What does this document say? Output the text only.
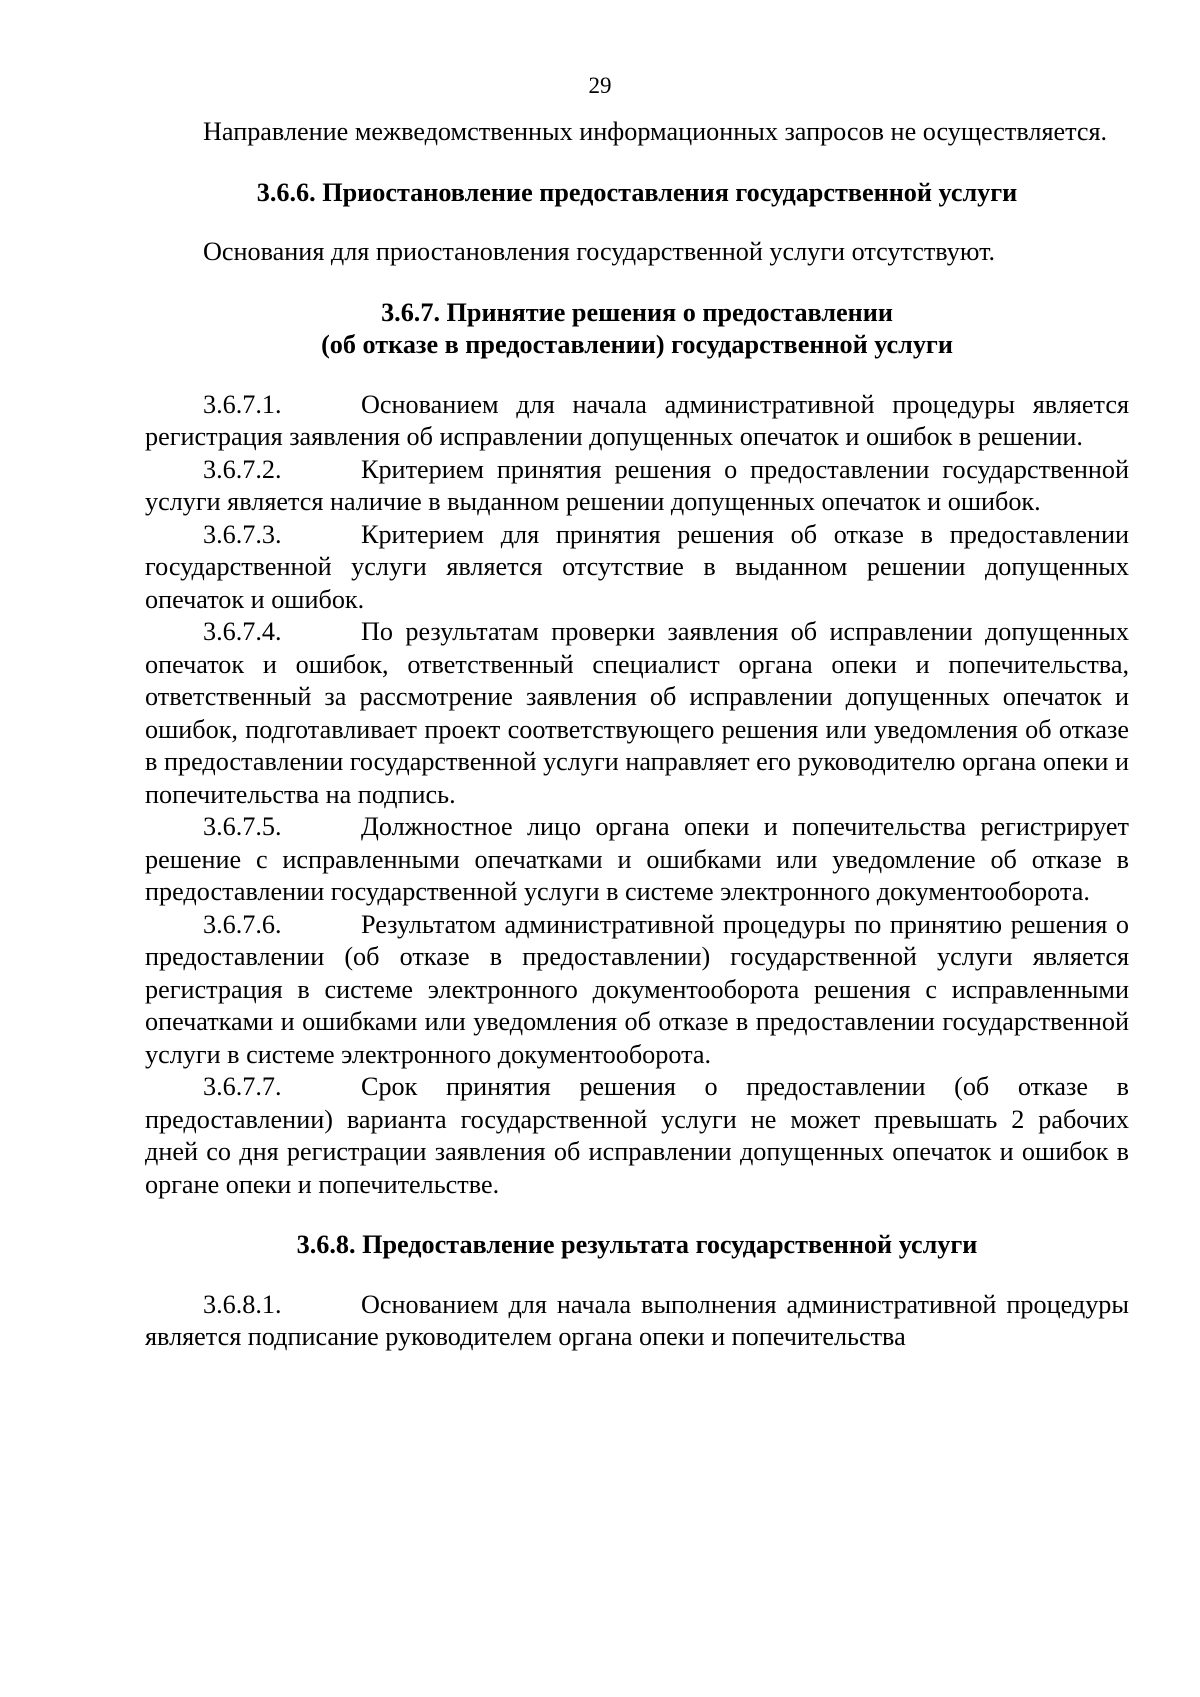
29

Направление межведомственных информационных запросов не осуществляется.

3.6.6. Приостановление предоставления государственной услуги

Основания для приостановления государственной услуги отсутствуют.

3.6.7. Принятие решения о предоставлении
(об отказе в предоставлении) государственной услуги

3.6.7.1.	Основанием для начала административной процедуры является регистрация заявления об исправлении допущенных опечаток и ошибок в решении.

3.6.7.2.	Критерием принятия решения о предоставлении государственной услуги является наличие в выданном решении допущенных опечаток и ошибок.

3.6.7.3.	Критерием для принятия решения об отказе в предоставлении государственной услуги является отсутствие в выданном решении допущенных опечаток и ошибок.

3.6.7.4.	По результатам проверки заявления об исправлении допущенных опечаток и ошибок, ответственный специалист органа опеки и попечительства, ответственный за рассмотрение заявления об исправлении допущенных опечаток и ошибок, подготавливает проект соответствующего решения или уведомления об отказе в предоставлении государственной услуги направляет его руководителю органа опеки и попечительства на подпись.

3.6.7.5.	Должностное лицо органа опеки и попечительства регистрирует решение с исправленными опечатками и ошибками или уведомление об отказе в предоставлении государственной услуги в системе электронного документооборота.

3.6.7.6.	Результатом административной процедуры по принятию решения о предоставлении (об отказе в предоставлении) государственной услуги является регистрация в системе электронного документооборота решения с исправленными опечатками и ошибками или уведомления об отказе в предоставлении государственной услуги в системе электронного документооборота.

3.6.7.7.	Срок принятия решения о предоставлении (об отказе в предоставлении) варианта государственной услуги не может превышать 2 рабочих дней со дня регистрации заявления об исправлении допущенных опечаток и ошибок в органе опеки и попечительстве.

3.6.8. Предоставление результата государственной услуги

3.6.8.1.	Основанием для начала выполнения административной процедуры является подписание руководителем органа опеки и попечительства
